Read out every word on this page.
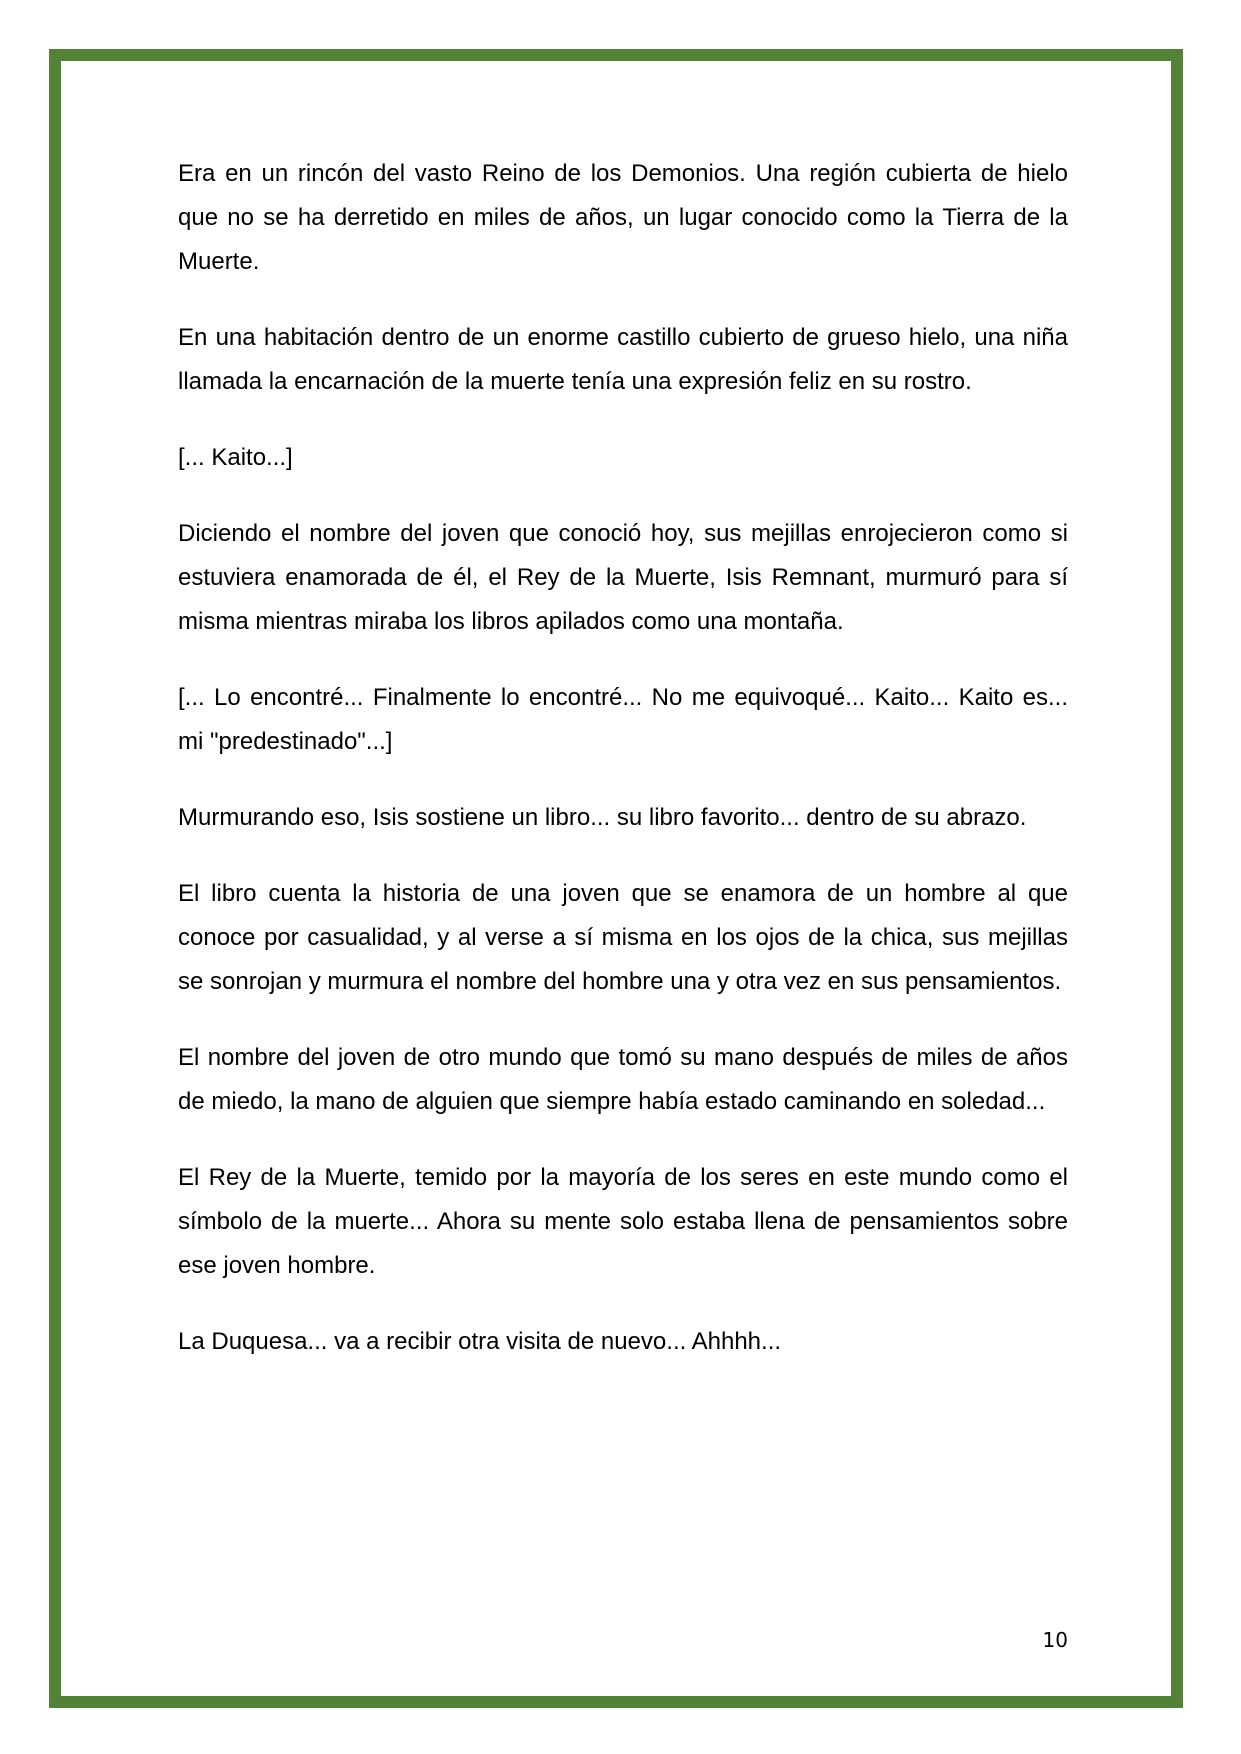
Era en un rincón del vasto Reino de los Demonios. Una región cubierta de hielo que no se ha derretido en miles de años, un lugar conocido como la Tierra de la Muerte.

En una habitación dentro de un enorme castillo cubierto de grueso hielo, una niña llamada la encarnación de la muerte tenía una expresión feliz en su rostro.

[... Kaito...]

Diciendo el nombre del joven que conoció hoy, sus mejillas enrojecieron como si estuviera enamorada de él, el Rey de la Muerte, Isis Remnant, murmuró para sí misma mientras miraba los libros apilados como una montaña.

[... Lo encontré... Finalmente lo encontré... No me equivoqué... Kaito... Kaito es... mi "predestinado"...]

Murmurando eso, Isis sostiene un libro... su libro favorito... dentro de su abrazo.

El libro cuenta la historia de una joven que se enamora de un hombre al que conoce por casualidad, y al verse a sí misma en los ojos de la chica, sus mejillas se sonrojan y murmura el nombre del hombre una y otra vez en sus pensamientos.

El nombre del joven de otro mundo que tomó su mano después de miles de años de miedo, la mano de alguien que siempre había estado caminando en soledad...

El Rey de la Muerte, temido por la mayoría de los seres en este mundo como el símbolo de la muerte... Ahora su mente solo estaba llena de pensamientos sobre ese joven hombre.

La Duquesa... va a recibir otra visita de nuevo... Ahhhh...

10
